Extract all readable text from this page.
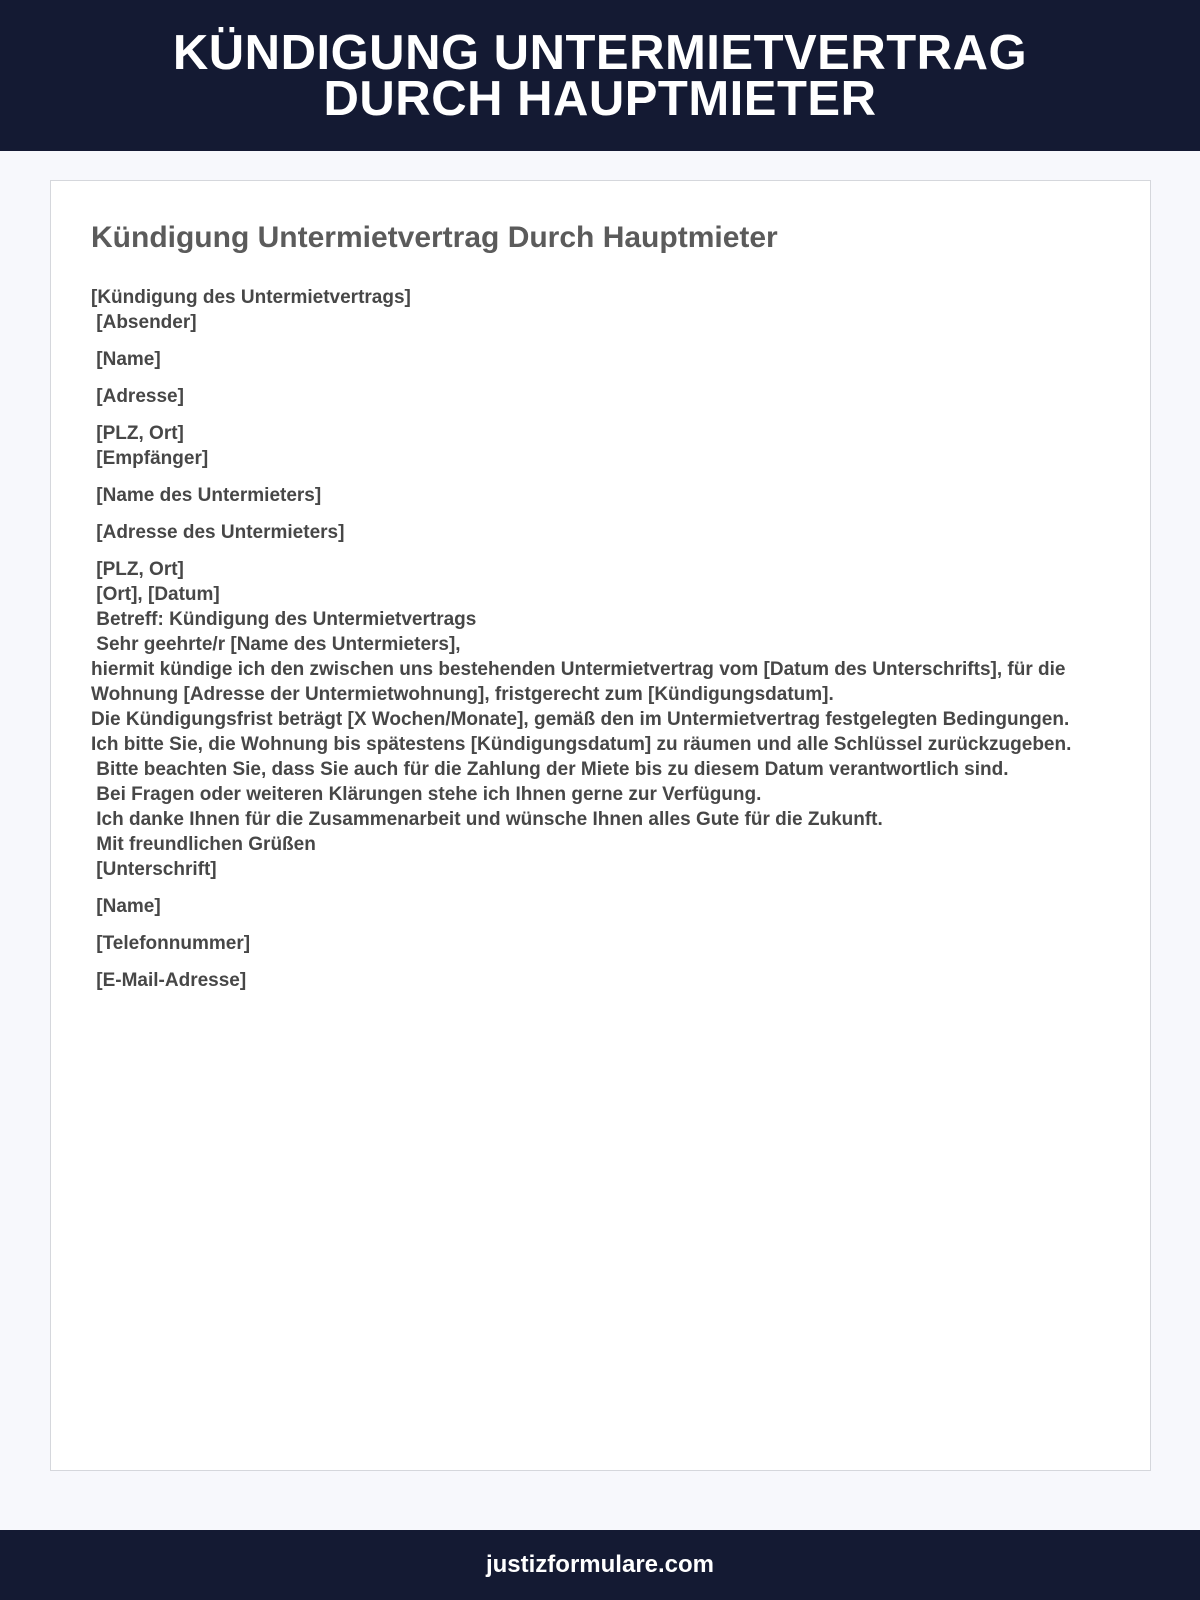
KÜNDIGUNG UNTERMIETVERTRAG
DURCH HAUPTMIETER
Kündigung Untermietvertrag Durch Hauptmieter
[Kündigung des Untermietvertrags]
[Absender]
[Name]
[Adresse]
[PLZ, Ort]
[Empfänger]
[Name des Untermieters]
[Adresse des Untermieters]
[PLZ, Ort]
[Ort], [Datum]
Betreff: Kündigung des Untermietvertrags
Sehr geehrte/r [Name des Untermieters],
hiermit kündige ich den zwischen uns bestehenden Untermietvertrag vom [Datum des Unterschrifts], für die Wohnung [Adresse der Untermietwohnung], fristgerecht zum [Kündigungsdatum].
Die Kündigungsfrist beträgt [X Wochen/Monate], gemäß den im Untermietvertrag festgelegten Bedingungen.
Ich bitte Sie, die Wohnung bis spätestens [Kündigungsdatum] zu räumen und alle Schlüssel zurückzugeben.
Bitte beachten Sie, dass Sie auch für die Zahlung der Miete bis zu diesem Datum verantwortlich sind.
Bei Fragen oder weiteren Klärungen stehe ich Ihnen gerne zur Verfügung.
Ich danke Ihnen für die Zusammenarbeit und wünsche Ihnen alles Gute für die Zukunft.
Mit freundlichen Grüßen
[Unterschrift]
[Name]
[Telefonnummer]
[E-Mail-Adresse]
justizformulare.com
